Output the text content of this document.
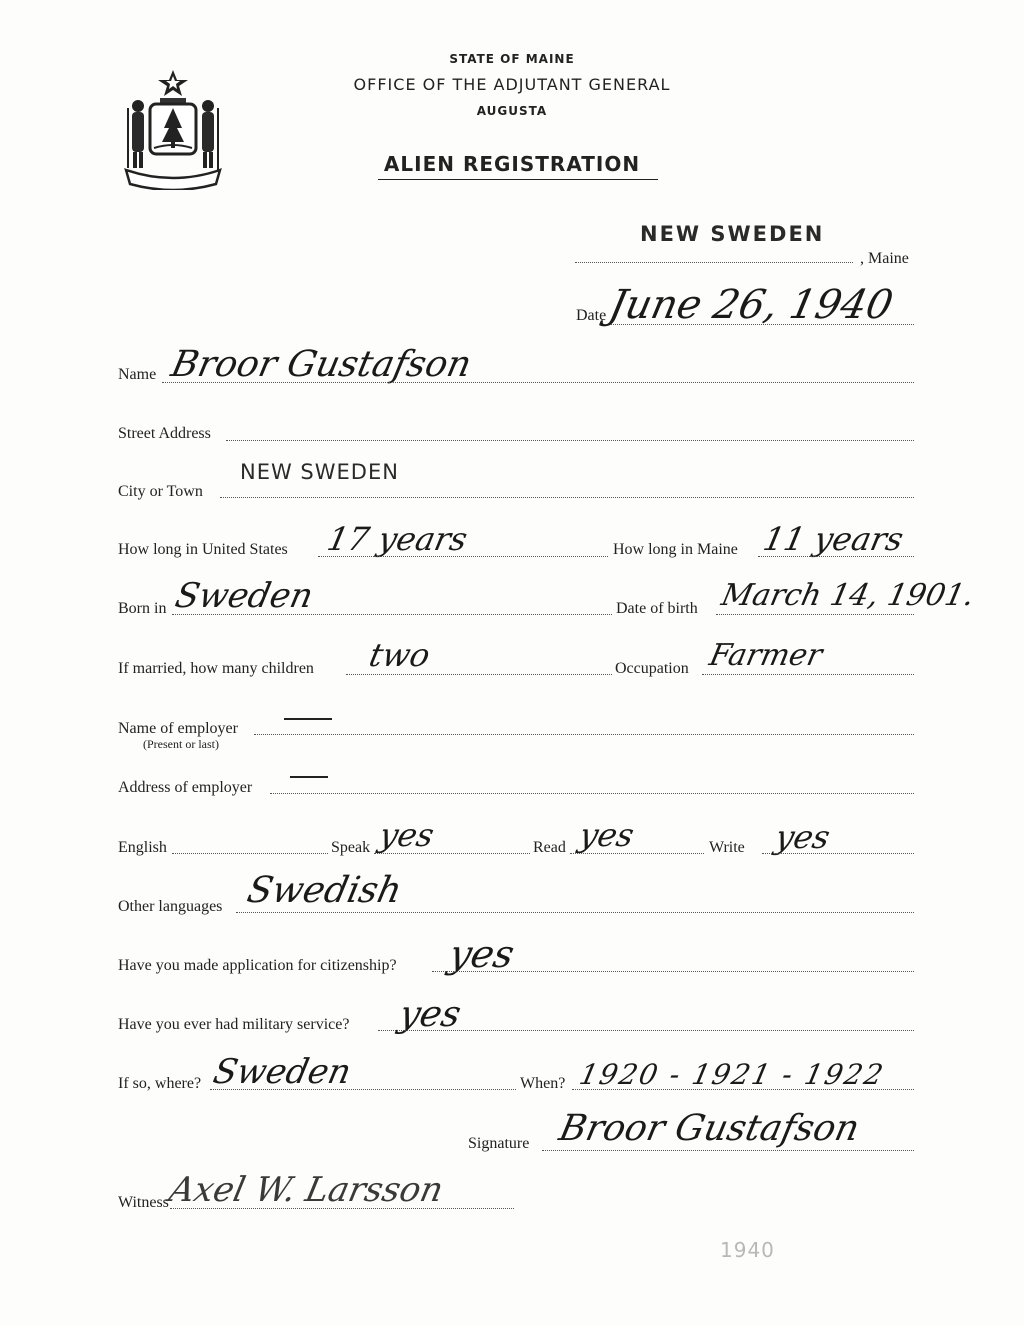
STATE OF MAINE
OFFICE OF THE ADJUTANT GENERAL
AUGUSTA
ALIEN REGISTRATION
NEW SWEDEN
, Maine
Date
June 26, 1940
Name Broor Gustafson
Street Address
NEW SWEDEN
City or Town
How long in United States 17 years	How long in Maine 11 years
Born in Sweden	Date of birth March 14, 1901.
If married, how many children two	Occupation Farmer
Name of employer
(Present or last)
Address of employer
English	Speak yes	Read yes	Write yes
Other languages Swedish
Have you made application for citizenship? yes
Have you ever had military service? yes
If so, where? Sweden	When? 1920 - 1921 - 1922
Signature Broor Gustafson
Witness
Axel W. Larsson
1940
